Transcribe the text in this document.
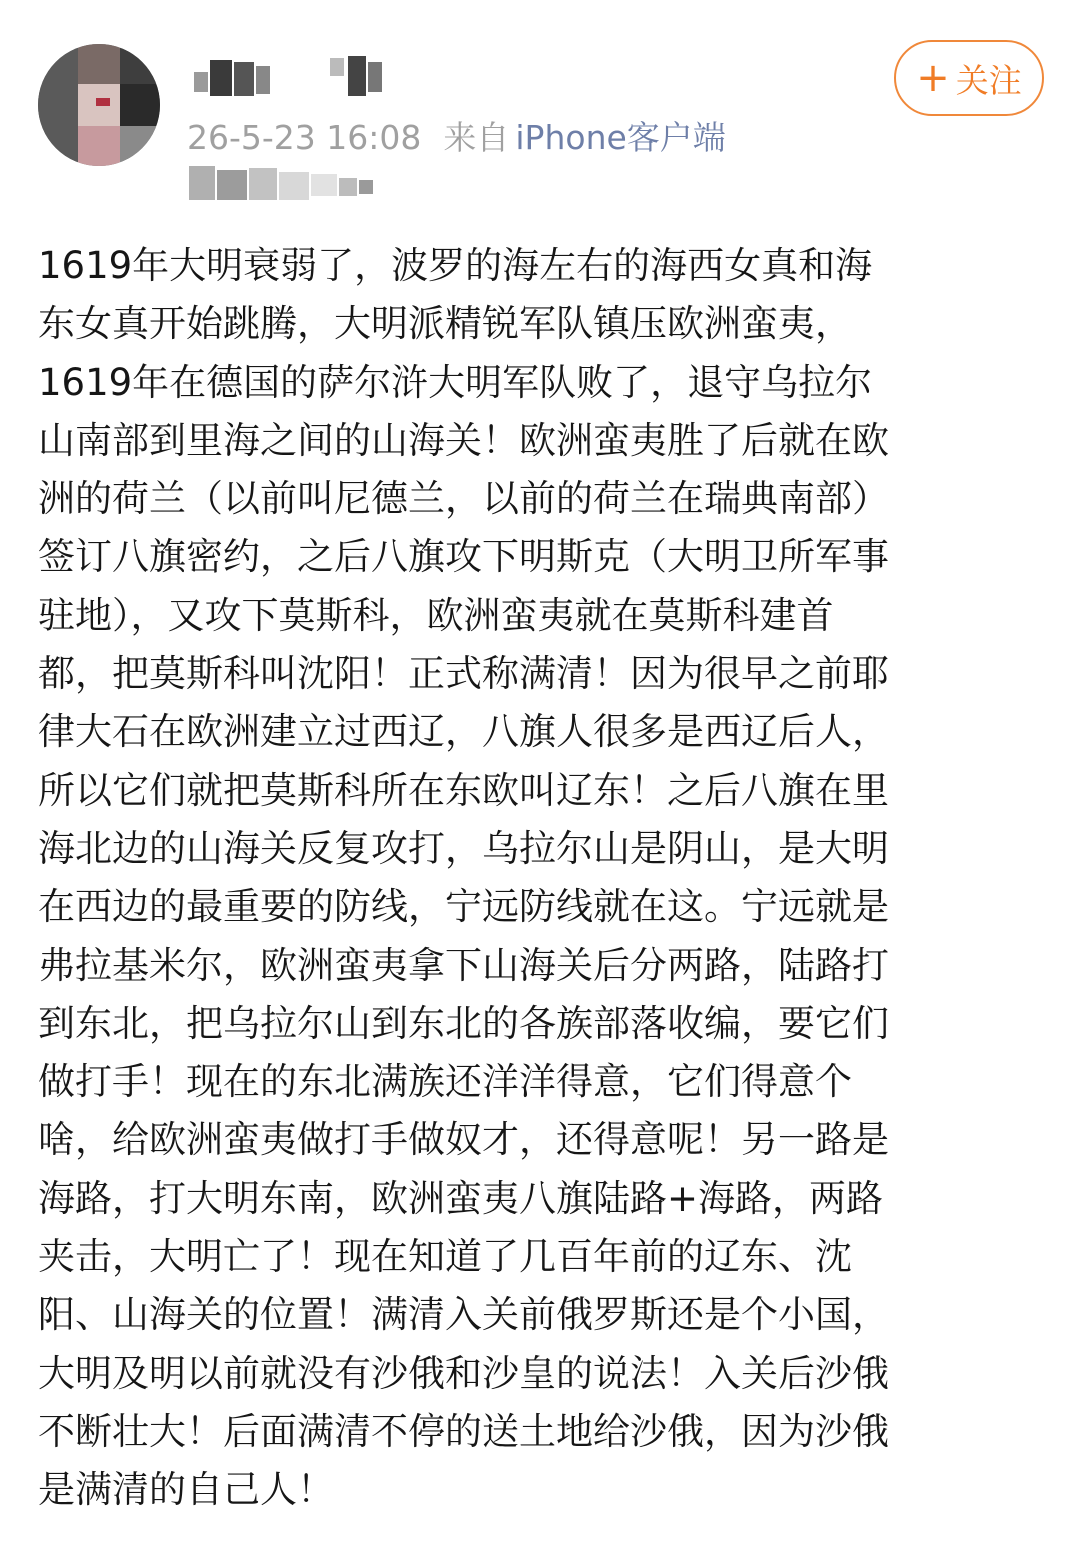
26-5-23 16:08 来自 iPhone客户端
+ 关注
1619年大明衰弱了，波罗的海左右的海西女真和海
东女真开始跳腾，大明派精锐军队镇压欧洲蛮夷，
1619年在德国的萨尔浒大明军队败了，退守乌拉尔
山南部到里海之间的山海关！欧洲蛮夷胜了后就在欧
洲的荷兰（以前叫尼德兰，以前的荷兰在瑞典南部）
签订八旗密约，之后八旗攻下明斯克（大明卫所军事
驻地），又攻下莫斯科，欧洲蛮夷就在莫斯科建首
都，把莫斯科叫沈阳！正式称满清！因为很早之前耶
律大石在欧洲建立过西辽，八旗人很多是西辽后人，
所以它们就把莫斯科所在东欧叫辽东！之后八旗在里
海北边的山海关反复攻打，乌拉尔山是阴山，是大明
在西边的最重要的防线，宁远防线就在这。宁远就是
弗拉基米尔，欧洲蛮夷拿下山海关后分两路，陆路打
到东北，把乌拉尔山到东北的各族部落收编，要它们
做打手！现在的东北满族还洋洋得意，它们得意个
啥，给欧洲蛮夷做打手做奴才，还得意呢！另一路是
海路，打大明东南，欧洲蛮夷八旗陆路+海路，两路
夹击，大明亡了！现在知道了几百年前的辽东、沈
阳、山海关的位置！满清入关前俄罗斯还是个小国，
大明及明以前就没有沙俄和沙皇的说法！入关后沙俄
不断壮大！后面满清不停的送土地给沙俄，因为沙俄
是满清的自己人！
